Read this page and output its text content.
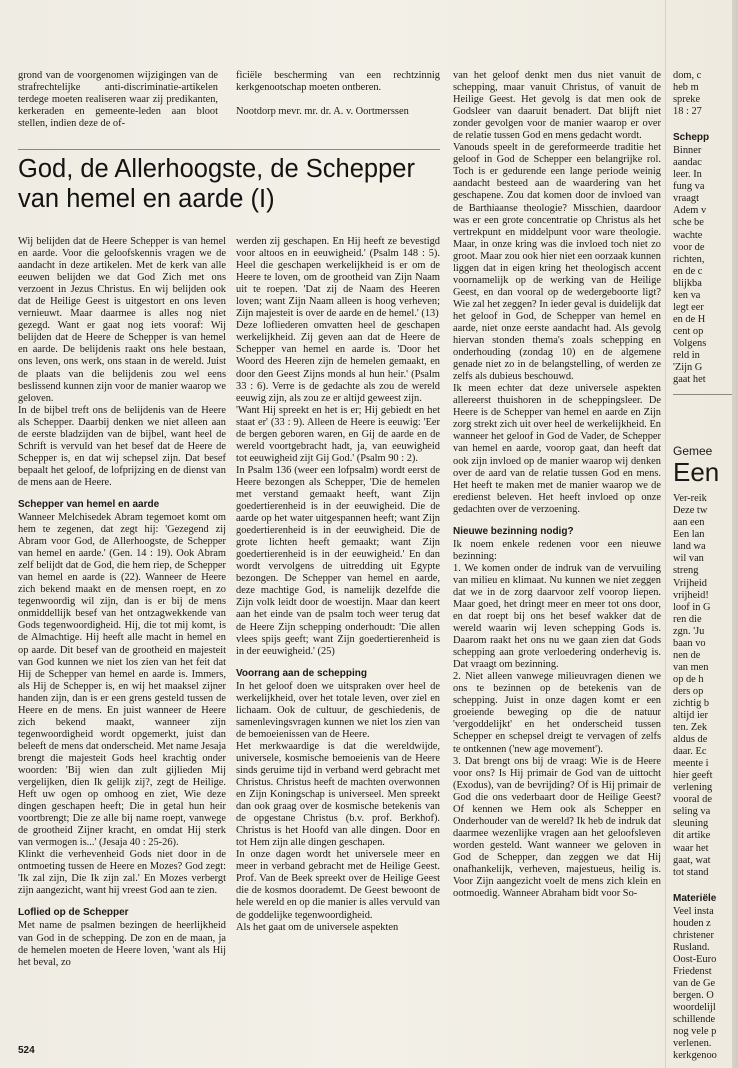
grond van de voorgenomen wijzigingen van de strafrechtelijke anti-discriminatie-artikelen terdege moeten realiseren waar zij predikanten, kerkeraden en gemeente-leden aan bloot stellen, indien deze de of-

ficiële bescherming van een rechtzinnig kerkgenootschap moeten ontberen.

Nootdorp mevr. mr. dr. A. v. Oortmerssen

God, de Allerhoogste, de Schepper van hemel en aarde (I)

Wij belijden dat de Heere Schepper is van hemel en aarde. Voor die geloofskennis vragen we de aandacht in deze artikelen. Met de kerk van alle eeuwen belijden we dat God Zich met ons verzoent in Jezus Christus. En wij belijden ook dat de Heilige Geest is uitgestort en ons leven vernieuwt. Maar daarmee is alles nog niet gezegd. Want er gaat nog iets vooraf: Wij belijden dat de Heere de Schepper is van hemel en aarde. De belijdenis raakt ons hele bestaan, ons leven, ons werk, ons staan in de wereld. Juist de plaats van die belijdenis zou wel eens beslissend kunnen zijn voor de manier waarop we geloven.

In de bijbel treft ons de belijdenis van de Heere als Schepper. Daarbij denken we niet alleen aan de eerste bladzijden van de bijbel, want heel de Schrift is vervuld van het besef dat de Heere de Schepper is, en dat wij schepsel zijn. Dat besef bepaalt het geloof, de lofprijzing en de dienst van de mens aan de Heere.

Schepper van hemel en aarde

Wanneer Melchisedek Abram tegemoet komt om hem te zegenen, dat zegt hij: 'Gezegend zij Abram voor God, de Allerhoogste, de Schepper van hemel en aarde.' (Gen. 14 : 19). Ook Abram zelf belijdt dat de God, die hem riep, de Schepper van hemel en aarde is (22). Wanneer de Heere zich bekend maakt en de mensen roept, en zo tegenwoordig wil zijn, dan is er bij de mens onmiddellijk besef van het ontzagwekkende van Gods tegenwoordigheid. Hij, die tot mij komt, is de Almachtige. Hij heeft alle macht in hemel en op aarde. Dit besef van de grootheid en majesteit van God kunnen we niet los zien van het feit dat Hij de Schepper van hemel en aarde is. Immers, als Hij de Schepper is, en wij het maaksel zijner handen zijn, dan is er een grens gesteld tussen de Heere en de mens. En juist wanneer de Heere zich bekend maakt, wanneer zijn tegenwoordigheid wordt opgemerkt, juist dan beleeft de mens dat onderscheid. Met name Jesaja brengt die majesteit Gods heel krachtig onder woorden: 'Bij wien dan zult gijlieden Mij vergelijken, dien Ik gelijk zij?, zegt de Heilige. Heft uw ogen op omhoog en ziet, Wie deze dingen geschapen heeft; Die in getal hun heir voortbrengt; Die ze alle bij name roept, vanwege de grootheid Zijner kracht, en omdat Hij sterk van vermogen is...' (Jesaja 40 : 25-26).

Klinkt die verhevenheid Gods niet door in de ontmoeting tussen de Heere en Mozes? God zegt: 'Ik zal zijn, Die Ik zijn zal.' En Mozes verbergt zijn aangezicht, want hij vreest God aan te zien.

Loflied op de Schepper

Met name de psalmen bezingen de heerlijkheid van God in de schepping. De zon en de maan, ja de hemelen moeten de Heere loven, 'want als Hij het beval, zo

werden zij geschapen. En Hij heeft ze bevestigd voor altoos en in eeuwigheid.' (Psalm 148 : 5). Heel die geschapen werkelijkheid is er om de Heere te loven, om de grootheid van Zijn Naam uit te roepen. 'Dat zij de Naam des Heeren loven; want Zijn Naam alleen is hoog verheven; Zijn majesteit is over de aarde en de hemel.' (13)

Deze lofliederen omvatten heel de geschapen werkelijkheid. Zij geven aan dat de Heere de Schepper van hemel en aarde is. 'Door het Woord des Heeren zijn de hemelen gemaakt, en door den Geest Zijns monds al hun heir.' (Psalm 33 : 6). Verre is de gedachte als zou de wereld eeuwig zijn, als zou ze er altijd geweest zijn.

'Want Hij spreekt en het is er; Hij gebiedt en het staat er' (33 : 9). Alleen de Heere is eeuwig: 'Eer de bergen geboren waren, en Gij de aarde en de wereld voortgebracht hadt, ja, van eeuwigheid tot eeuwigheid zijt Gij God.' (Psalm 90 : 2).

In Psalm 136 (weer een lofpsalm) wordt eerst de Heere bezongen als Schepper, 'Die de hemelen met verstand gemaakt heeft, want Zijn goedertierenheid is in der eeuwigheid. Die de aarde op het water uitgespannen heeft; want Zijn goedertierenheid is in der eeuwigheid. Die de grote lichten heeft gemaakt; want Zijn goedertierenheid is in der eeuwigheid.' En dan wordt vervolgens de uitredding uit Egypte bezongen. De Schepper van hemel en aarde, deze machtige God, is namelijk dezelfde die Zijn volk leidt door de woestijn. Maar dan keert aan het einde van de psalm toch weer terug dat de Heere Zijn schepping onderhoudt: 'Die allen vlees spijs geeft; want Zijn goedertierenheid is in der eeuwigheid.' (25)

Voorrang aan de schepping

In het geloof doen we uitspraken over heel de werkelijkheid, over het totale leven, over ziel en lichaam. Ook de cultuur, de geschiedenis, de samenlevingsvragen kunnen we niet los zien van de bemoeienissen van de Heere.

Het merkwaardige is dat die wereldwijde, universele, kosmische bemoeienis van de Heere sinds geruime tijd in verband werd gebracht met Christus. Christus heeft de machten overwonnen en Zijn Koningschap is universeel. Men spreekt dan ook graag over de kosmische betekenis van de opgestane Christus (b.v. prof. Berkhof). Christus is het Hoofd van alle dingen. Door en tot Hem zijn alle dingen geschapen.

In onze dagen wordt het universele meer en meer in verband gebracht met de Heilige Geest. Prof. Van de Beek spreekt over de Heilige Geest die de kosmos doorademt. De Geest bewoont de hele wereld en op die manier is alles vervuld van de goddelijke tegenwoordigheid.

Als het gaat om de universele aspekten

van het geloof denkt men dus niet vanuit de schepping, maar vanuit Christus, of vanuit de Heilige Geest. Het gevolg is dat men ook de Godsleer van daaruit benadert. Dat blijft niet zonder gevolgen voor de manier waarop er over de relatie tussen God en mens gedacht wordt.

Vanouds speelt in de gereformeerde traditie het geloof in God de Schepper een belangrijke rol. Toch is er gedurende een lange periode weinig aandacht besteed aan de waardering van het geschapene. Zou dat komen door de invloed van de Barthiaanse theologie? Misschien, daardoor was er een grote concentratie op Christus als het vertrekpunt en middelpunt voor ware theologie. Maar, in onze kring was die invloed toch niet zo groot. Maar zou ook hier niet een oorzaak kunnen liggen dat in eigen kring het theologisch accent voornamelijk op de werking van de Heilige Geest, en dan vooral op de wedergeboorte ligt? Wie zal het zeggen? In ieder geval is duidelijk dat het geloof in God, de Schepper van hemel en aarde, niet onze eerste aandacht had. Als gevolg hiervan stonden thema's zoals schepping en onderhouding (zondag 10) en de algemene genade niet zo in de belangstelling, of werden ze zelfs als dubieus beschouwd.

Ik meen echter dat deze universele aspekten allereerst thuishoren in de scheppingsleer. De Heere is de Schepper van hemel en aarde en Zijn zorg strekt zich uit over heel de werkelijkheid. En wanneer het geloof in God de Vader, de Schepper van hemel en aarde, voorop gaat, dan heeft dat ook zijn invloed op de manier waarop wij denken over de aard van de relatie tussen God en mens. Het heeft te maken met de manier waarop we de eredienst beleven. Het heeft invloed op onze gedachten over de verzoening.

Nieuwe bezinning nodig?

Ik noem enkele redenen voor een nieuwe bezinning:

1. We komen onder de indruk van de vervuiling van milieu en klimaat. Nu kunnen we niet zeggen dat we in de zorg daarvoor zelf voorop liepen. Maar goed, het dringt meer en meer tot ons door, en dat roept bij ons het besef wakker dat de wereld waarin wij leven schepping Gods is. Daarom raakt het ons nu we gaan zien dat Gods schepping aan grote verloedering onderhevig is. Dat vraagt om bezinning.

2. Niet alleen vanwege milieuvragen dienen we ons te bezinnen op de betekenis van de schepping. Juist in onze dagen komt er een groeiende beweging op die de natuur 'vergoddelijkt' en het onderscheid tussen Schepper en schepsel dreigt te vervagen of zelfs te ontkennen ('new age movement').

3. Dat brengt ons bij de vraag: Wie is de Heere voor ons? Is Hij primair de God van de uittocht (Exodus), van de bevrijding? Of is Hij primair de God die ons vederbaart door de Heilige Geest? Of kennen we Hem ook als Schepper en Onderhouder van de wereld? Ik heb de indruk dat daarmee wezenlijke vragen aan het geloofsleven worden gesteld. Want wanneer we geloven in God de Schepper, dan zeggen we dat Hij onafhankelijk, verheven, majestueus, heilig is. Voor Zijn aangezicht voelt de mens zich klein en ootmoedig. Wanneer Abraham bidt voor So-

dom, c

heb m

spreke

18 : 27

Schepp

Binner

aandac

leer. In

fung va

vraagt

Adem v

sche be

wachte

voor de

richten,

en de c

blijkba

ken va

legt eer

en de H

cent op

Volgens

reld in

'Zijn G

gaat het

Gemee
Een

Ver-reik

Deze tw

aan een

Een lan

land wa

wil van

streng

Vrijheid

vrijheid!

loof in G

ren die

zgn. 'Ju

baan vo

nen de

van men

op de h

ders op

zichtig b

altijd ier

ten. Zek

aldus de

daar. Ec

meente i

hier geeft

verlening

vooral de

seling va

sleuning

dit artike

waar het

gaat, wat

tot stand

Materiële

Veel insta

houden z

christener

Rusland.

Oost-Euro

Friedenst

van de Ge

bergen. O

woordelijl

schillende

nog vele p

verlenen.

kerkgenoo

524
